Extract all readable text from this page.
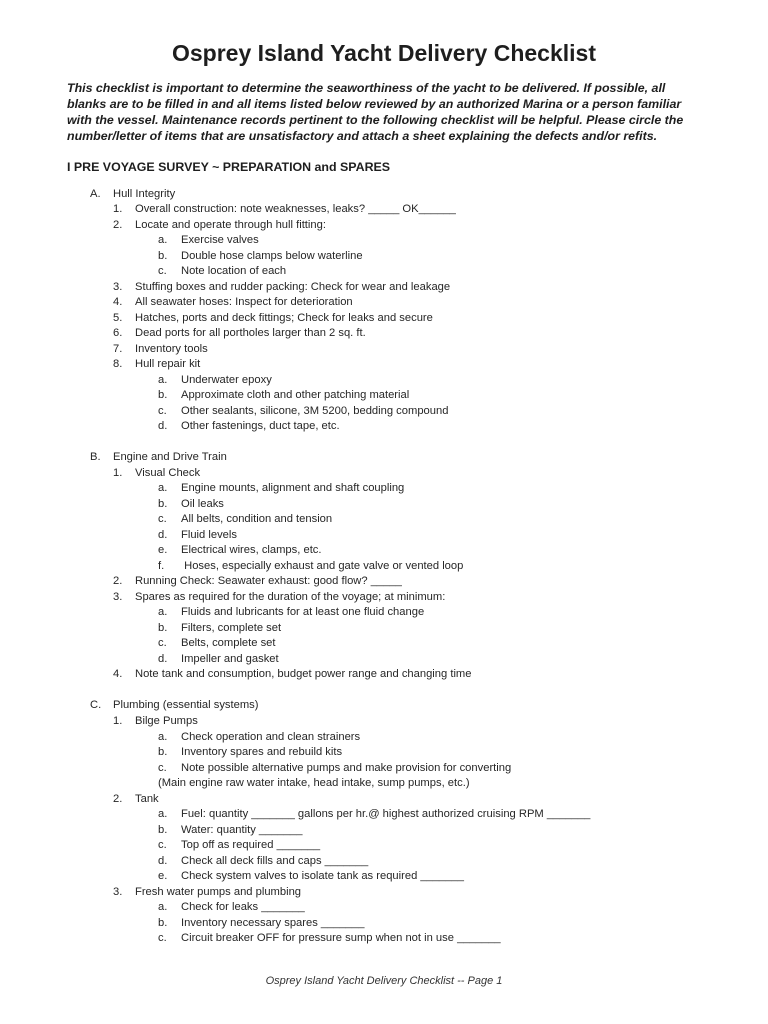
Osprey Island Yacht Delivery Checklist
This checklist is important to determine the seaworthiness of the yacht to be delivered. If possible, all
blanks are to be filled in and all items listed below reviewed by an authorized Marina or a person familiar
with the vessel. Maintenance records pertinent to the following checklist will be helpful. Please circle the
number/letter of items that are unsatisfactory and attach a sheet explaining the defects and/or refits.
I PRE VOYAGE SURVEY ~ PREPARATION and SPARES
A. Hull Integrity
1. Overall construction: note weaknesses, leaks? _____ OK______
2. Locate and operate through hull fitting:
a. Exercise valves
b. Double hose clamps below waterline
c. Note location of each
3. Stuffing boxes and rudder packing: Check for wear and leakage
4. All seawater hoses: Inspect for deterioration
5. Hatches, ports and deck fittings; Check for leaks and secure
6. Dead ports for all portholes larger than 2 sq. ft.
7. Inventory tools
8. Hull repair kit
a. Underwater epoxy
b. Approximate cloth and other patching material
c. Other sealants, silicone, 3M 5200, bedding compound
d. Other fastenings, duct tape, etc.
B. Engine and Drive Train
1. Visual Check
a. Engine mounts, alignment and shaft coupling
b. Oil leaks
c. All belts, condition and tension
d. Fluid levels
e. Electrical wires, clamps, etc.
f. Hoses, especially exhaust and gate valve or vented loop
2. Running Check: Seawater exhaust: good flow? _____
3. Spares as required for the duration of the voyage; at minimum:
a. Fluids and lubricants for at least one fluid change
b. Filters, complete set
c. Belts, complete set
d. Impeller and gasket
4. Note tank and consumption, budget power range and changing time
C. Plumbing (essential systems)
1. Bilge Pumps
a. Check operation and clean strainers
b. Inventory spares and rebuild kits
c. Note possible alternative pumps and make provision for converting
(Main engine raw water intake, head intake, sump pumps, etc.)
2. Tank
a. Fuel: quantity _______ gallons per hr.@ highest authorized cruising RPM _______
b. Water: quantity _______
c. Top off as required _______
d. Check all deck fills and caps _______
e. Check system valves to isolate tank as required _______
3. Fresh water pumps and plumbing
a. Check for leaks _______
b. Inventory necessary spares _______
c. Circuit breaker OFF for pressure sump when not in use _______
Osprey Island Yacht Delivery Checklist -- Page 1
